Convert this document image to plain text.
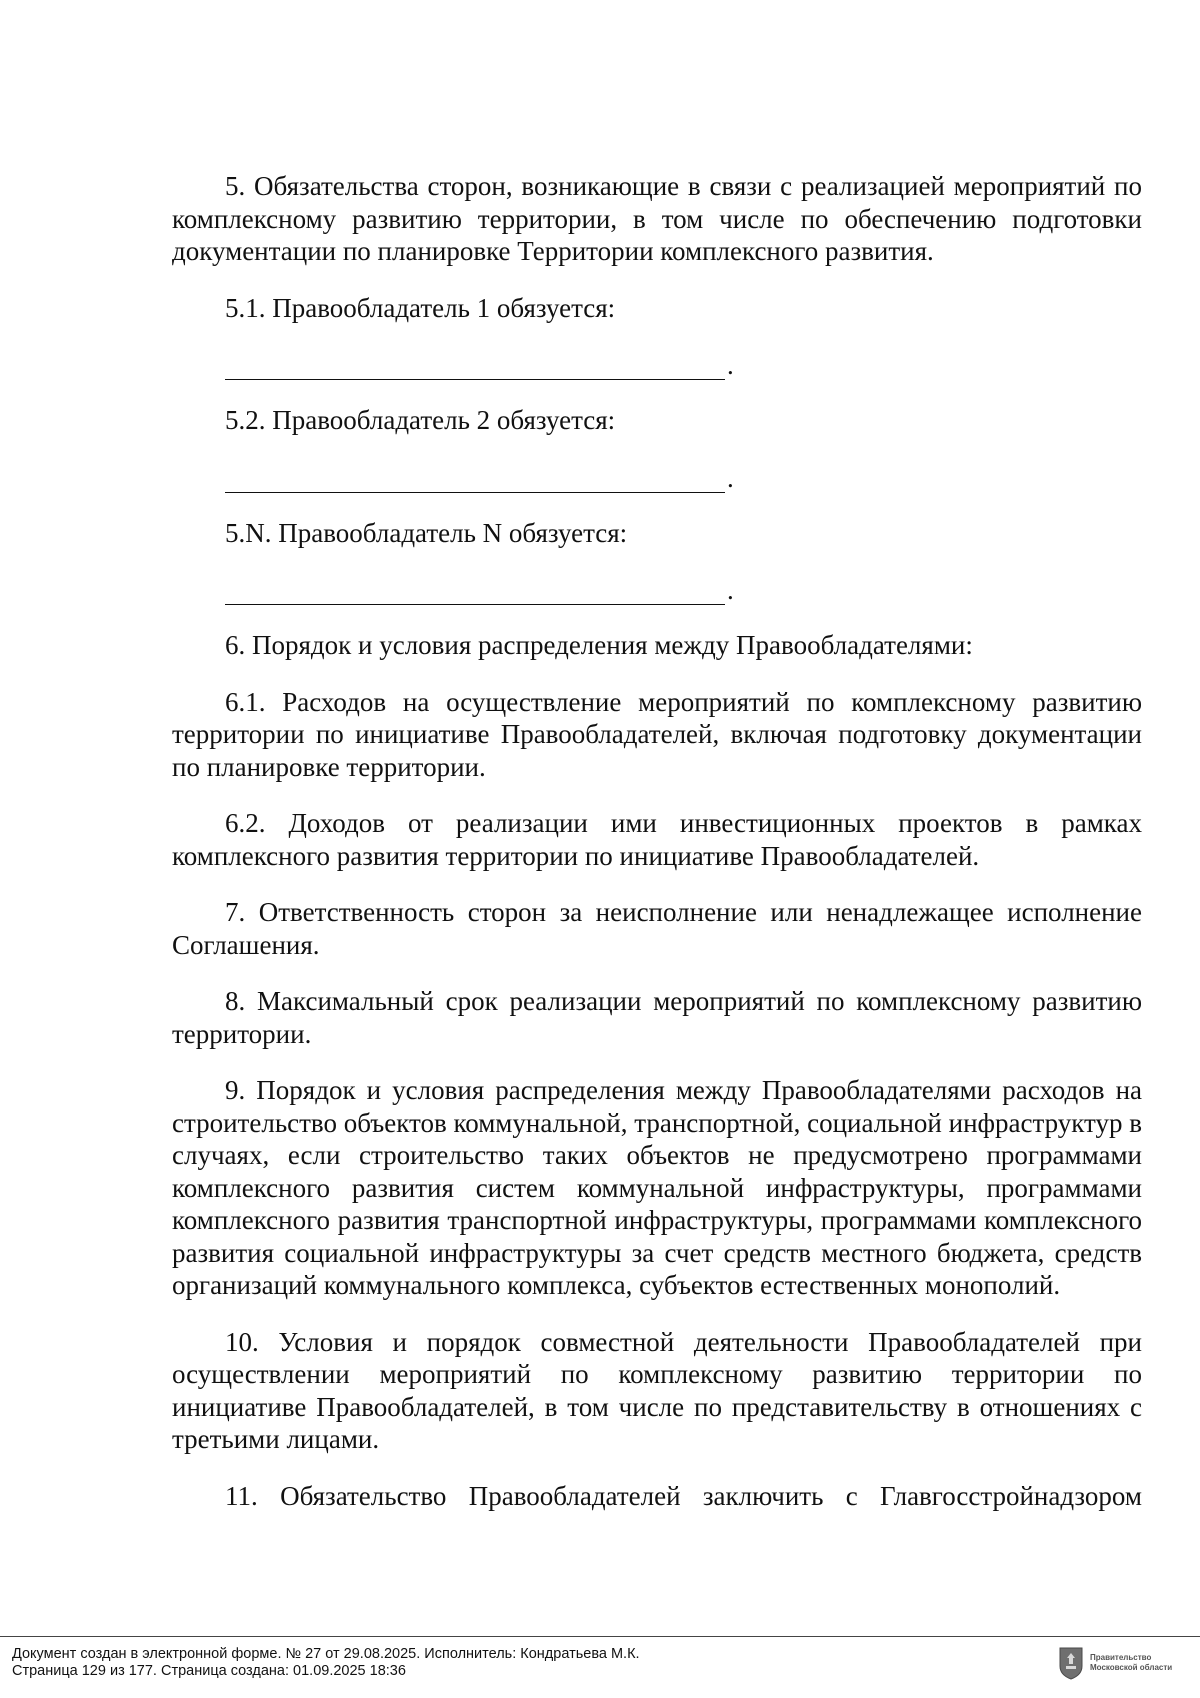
5. Обязательства сторон, возникающие в связи с реализацией мероприятий по комплексному развитию территории, в том числе по обеспечению подготовки документации по планировке Территории комплексного развития.

5.1. Правообладатель 1 обязуется:

.

5.2. Правообладатель 2 обязуется:

.

5.N. Правообладатель N обязуется:

.

6. Порядок и условия распределения между Правообладателями:

6.1. Расходов на осуществление мероприятий по комплексному развитию территории по инициативе Правообладателей, включая подготовку документации по планировке территории.

6.2. Доходов от реализации ими инвестиционных проектов в рамках комплексного развития территории по инициативе Правообладателей.

7. Ответственность сторон за неисполнение или ненадлежащее исполнение Соглашения.

8. Максимальный срок реализации мероприятий по комплексному развитию территории.

9. Порядок и условия распределения между Правообладателями расходов на строительство объектов коммунальной, транспортной, социальной инфраструктур в случаях, если строительство таких объектов не предусмотрено программами комплексного развития систем коммунальной инфраструктуры, программами комплексного развития транспортной инфраструктуры, программами комплексного развития социальной инфраструктуры за счет средств местного бюджета, средств организаций коммунального комплекса, субъектов естественных монополий.

10. Условия и порядок совместной деятельности Правообладателей при осуществлении мероприятий по комплексному развитию территории по инициативе Правообладателей, в том числе по представительству в отношениях с третьими лицами.

11. Обязательство Правообладателей заключить с Главгосстройнадзором

Документ создан в электронной форме. № 27 от 29.08.2025. Исполнитель: Кондратьева М.К.
Страница 129 из 177. Страница создана: 01.09.2025 18:36
Правительство
Московской области
